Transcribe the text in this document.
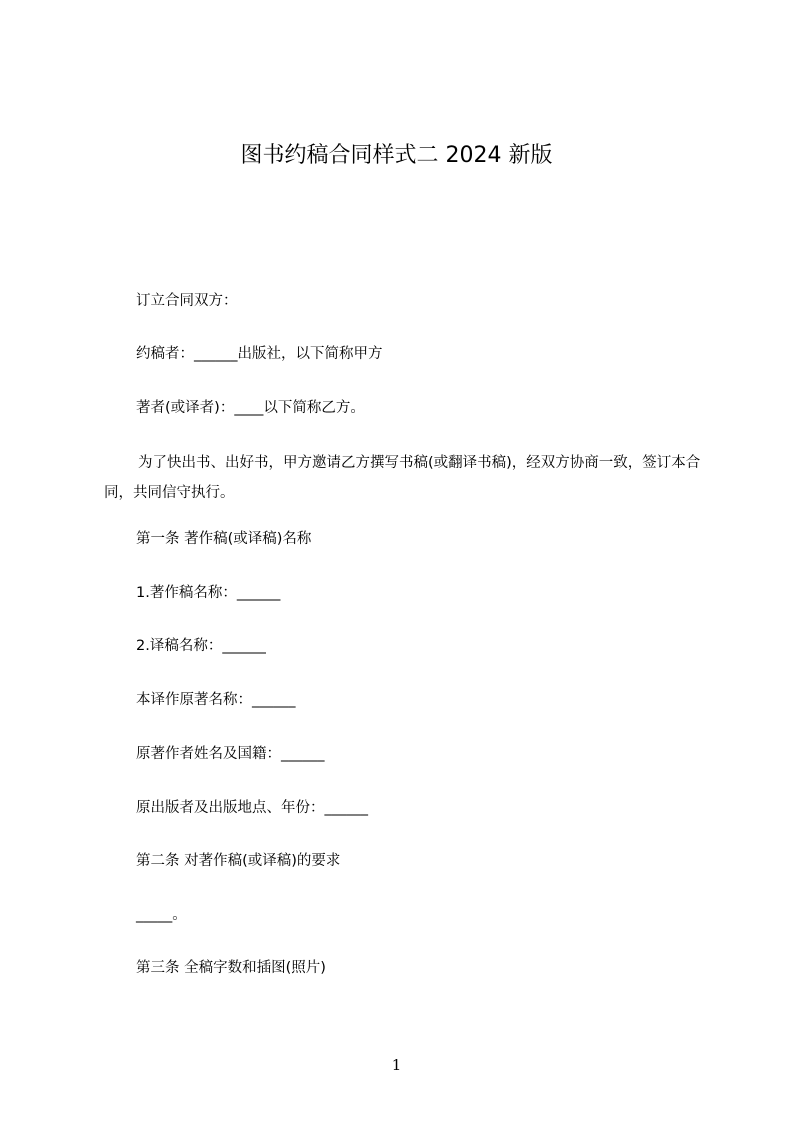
图书约稿合同样式二 2024 新版
订立合同双方：
约稿者：______出版社，以下简称甲方
著者(或译者)：____以下简称乙方。
为了快出书、出好书，甲方邀请乙方撰写书稿(或翻译书稿)，经双方协商一致，签订本合同，共同信守执行。
第一条 著作稿(或译稿)名称
1.著作稿名称：______
2.译稿名称：______
本译作原著名称：______
原著作者姓名及国籍：______
原出版者及出版地点、年份：______
第二条 对著作稿(或译稿)的要求
_____。
第三条 全稿字数和插图(照片)
1
